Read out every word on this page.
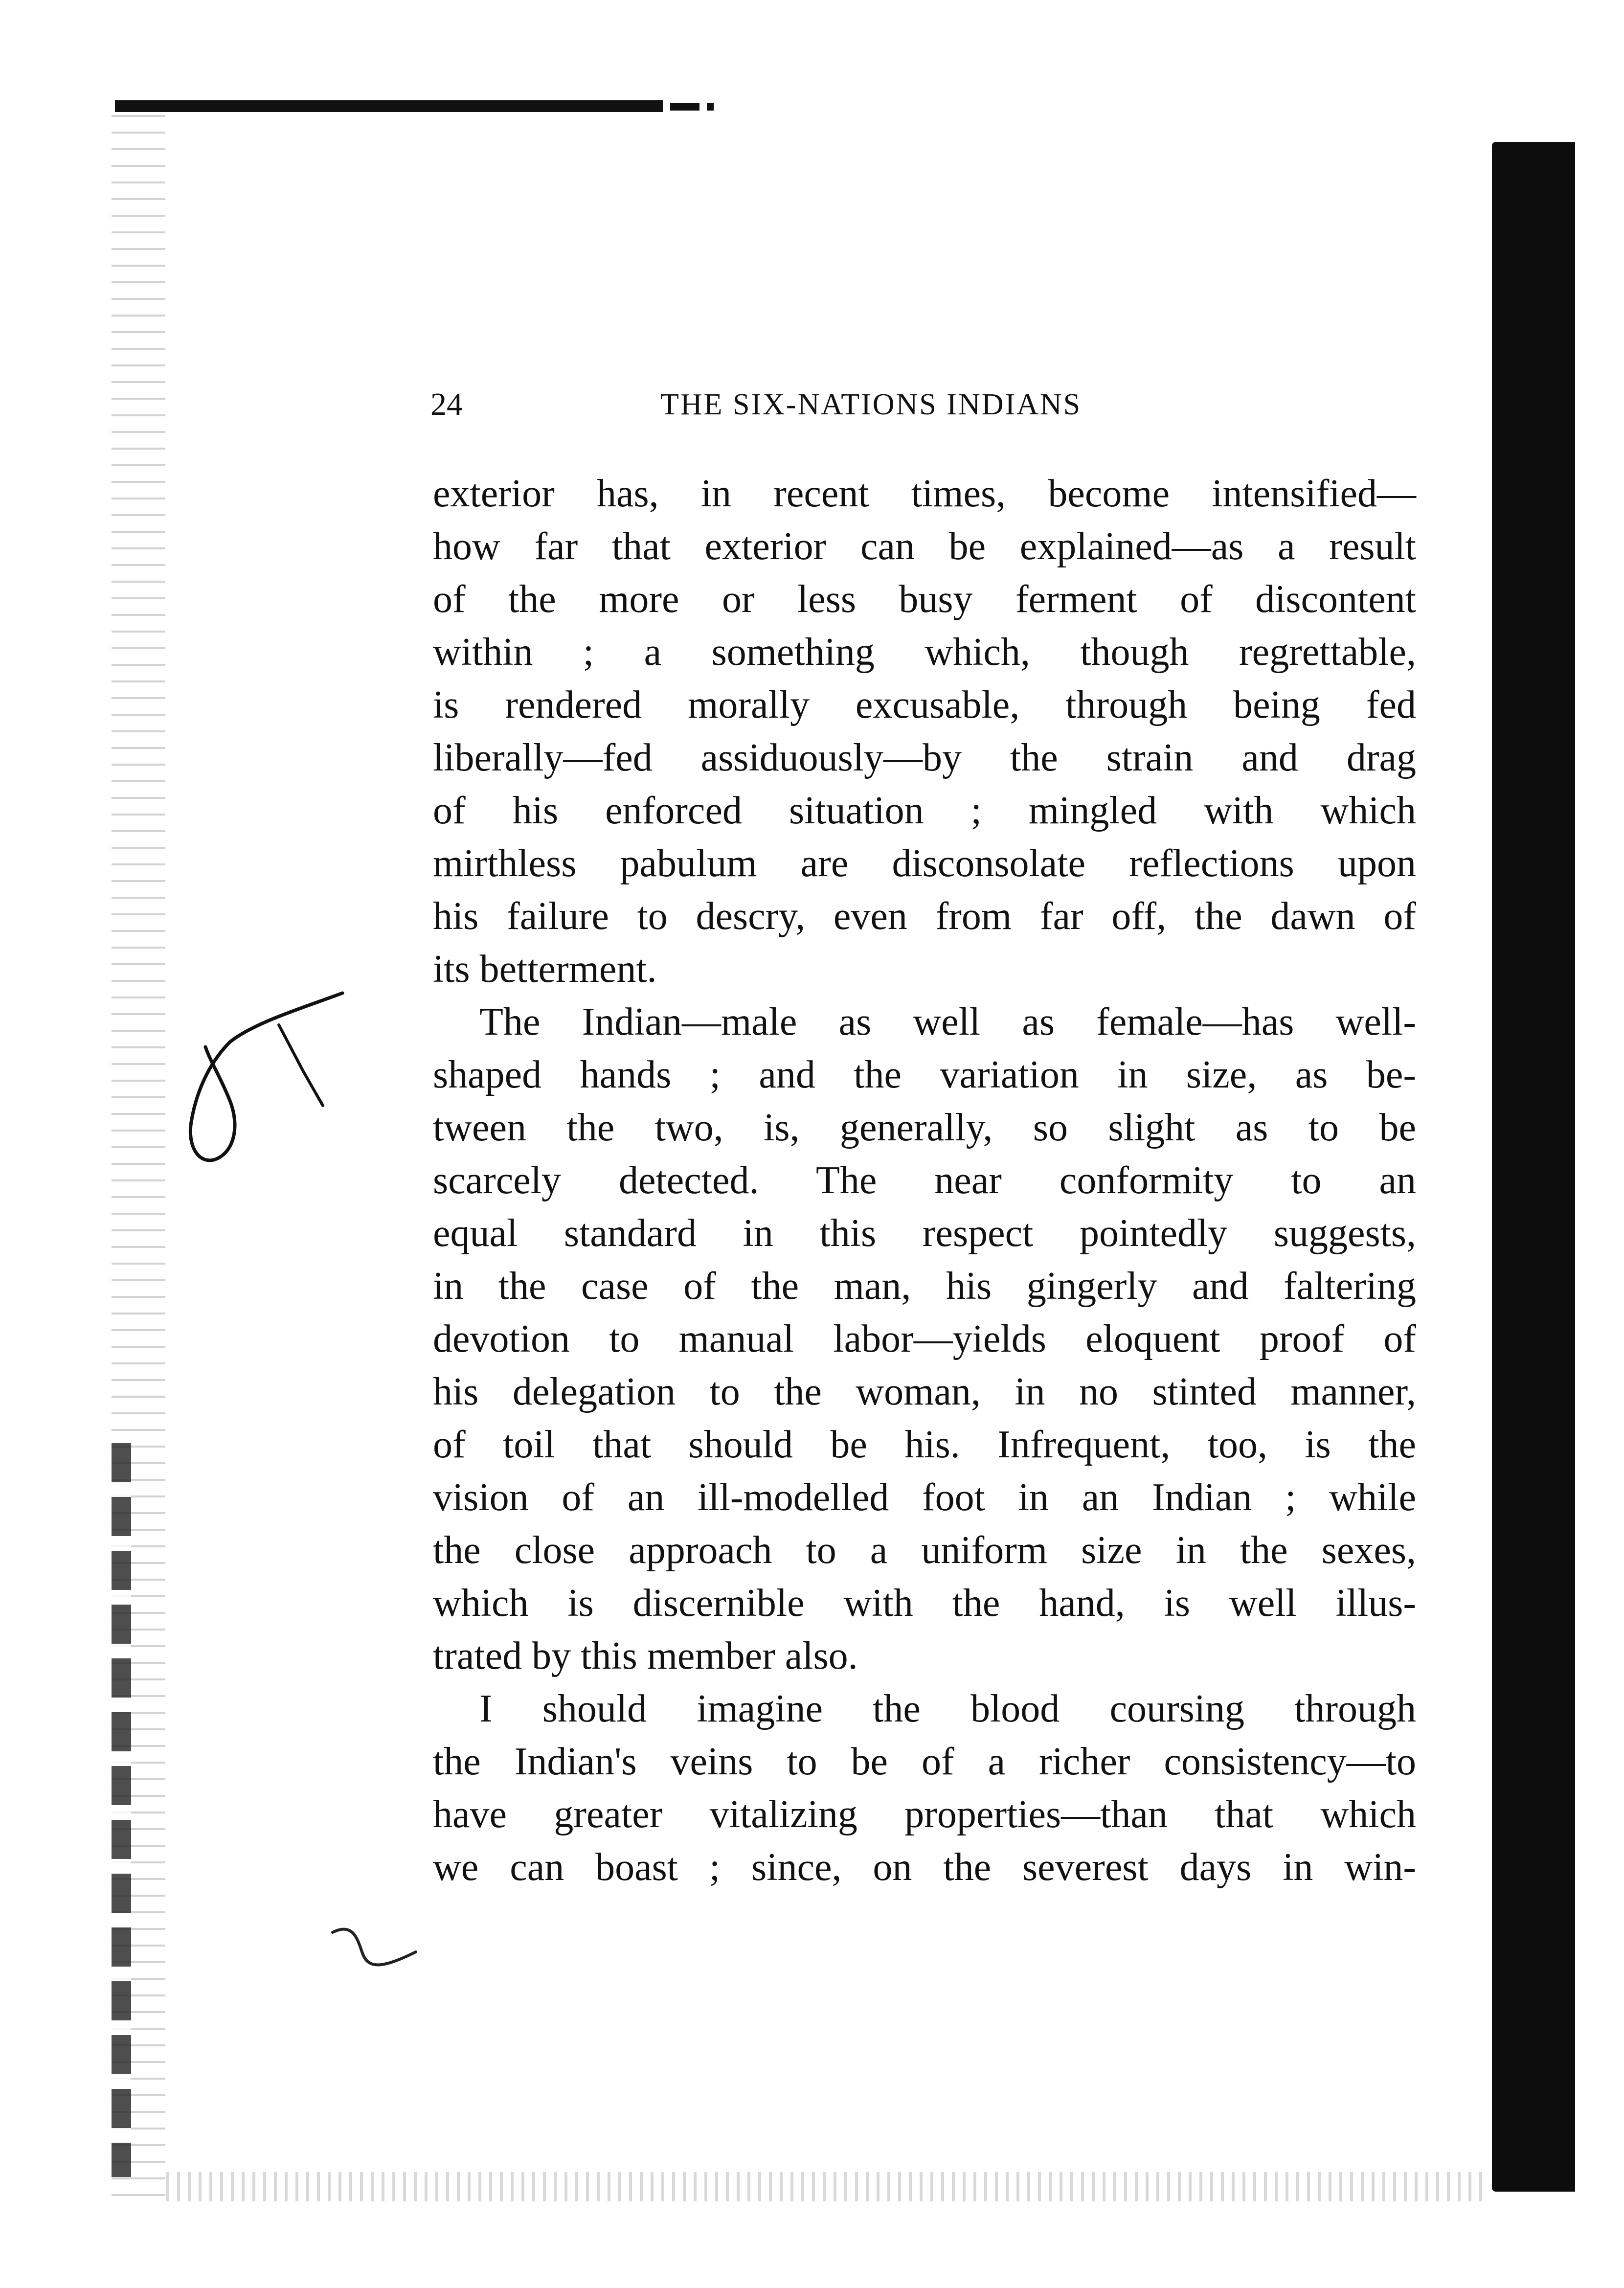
24	THE SIX-NATIONS INDIANS
exterior has, in recent times, become intensified—
how far that exterior can be explained—as a result
of the more or less busy ferment of discontent
within ; a something which, though regrettable,
is rendered morally excusable, through being fed
liberally—fed assiduously—by the strain and drag
of his enforced situation ; mingled with which
mirthless pabulum are disconsolate reflections upon
his failure to descry, even from far off, the dawn of
its betterment.
The Indian—male as well as female—has well-
shaped hands ; and the variation in size, as be-
tween the two, is, generally, so slight as to be
scarcely detected. The near conformity to an
equal standard in this respect pointedly suggests,
in the case of the man, his gingerly and faltering
devotion to manual labor—yields eloquent proof of
his delegation to the woman, in no stinted manner,
of toil that should be his. Infrequent, too, is the
vision of an ill-modelled foot in an Indian ; while
the close approach to a uniform size in the sexes,
which is discernible with the hand, is well illus-
trated by this member also.
I should imagine the blood coursing through
the Indian's veins to be of a richer consistency—to
have greater vitalizing properties—than that which
we can boast ; since, on the severest days in win-
